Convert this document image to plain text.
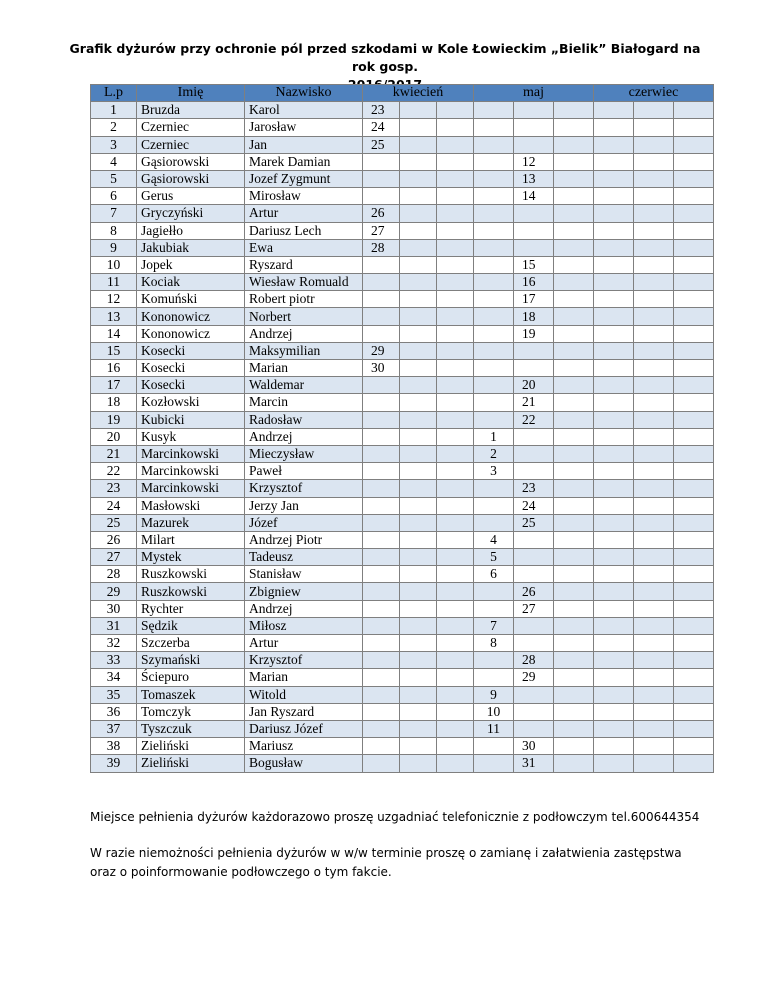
Grafik dyżurów przy ochronie pól przed szkodami w Kole Łowieckim „Bielik” Białogard na rok gosp.
L.p	Imię	Nazwisko	kwiecień			maj			czerwiec		
1	Bruzda	Karol	23								
2	Czerniec	Jarosław	24								
3	Czerniec	Jan	25								
4	Gąsiorowski	Marek Damian					12				
5	Gąsiorowski	Jozef Zygmunt					13				
6	Gerus	Mirosław					14				
7	Gryczyński	Artur	26								
8	Jagiełło	Dariusz Lech	27								
9	Jakubiak	Ewa	28								
10	Jopek	Ryszard					15				
11	Kociak	Wiesław Romuald					16				
12	Komuński	Robert piotr					17				
13	Kononowicz	Norbert					18				
14	Kononowicz	Andrzej					19				
15	Kosecki	Maksymilian	29								
16	Kosecki	Marian	30								
17	Kosecki	Waldemar					20				
18	Kozłowski	Marcin					21				
19	Kubicki	Radosław					22				
20	Kusyk	Andrzej				1					
21	Marcinkowski	Mieczysław				2					
22	Marcinkowski	Paweł				3					
23	Marcinkowski	Krzysztof					23				
24	Masłowski	Jerzy Jan					24				
25	Mazurek	Józef					25				
26	Milart	Andrzej Piotr				4					
27	Mystek	Tadeusz				5					
28	Ruszkowski	Stanisław				6					
29	Ruszkowski	Zbigniew					26				
30	Rychter	Andrzej					27				
31	Sędzik	Miłosz				7					
32	Szczerba	Artur				8					
33	Szymański	Krzysztof					28				
34	Ściepuro	Marian					29				
35	Tomaszek	Witold				9					
36	Tomczyk	Jan Ryszard				10					
37	Tyszczuk	Dariusz Józef				11					
38	Zieliński	Mariusz					30				
39	Zieliński	Bogusław					31				
Miejsce pełnienia dyżurów każdorazowo proszę uzgadniać telefonicznie z podłowczym tel.600644354
W razie niemożności pełnienia dyżurów w w/w terminie proszę o zamianę i załatwienia zastępstwa
oraz o poinformowanie podłowczego o tym fakcie.
